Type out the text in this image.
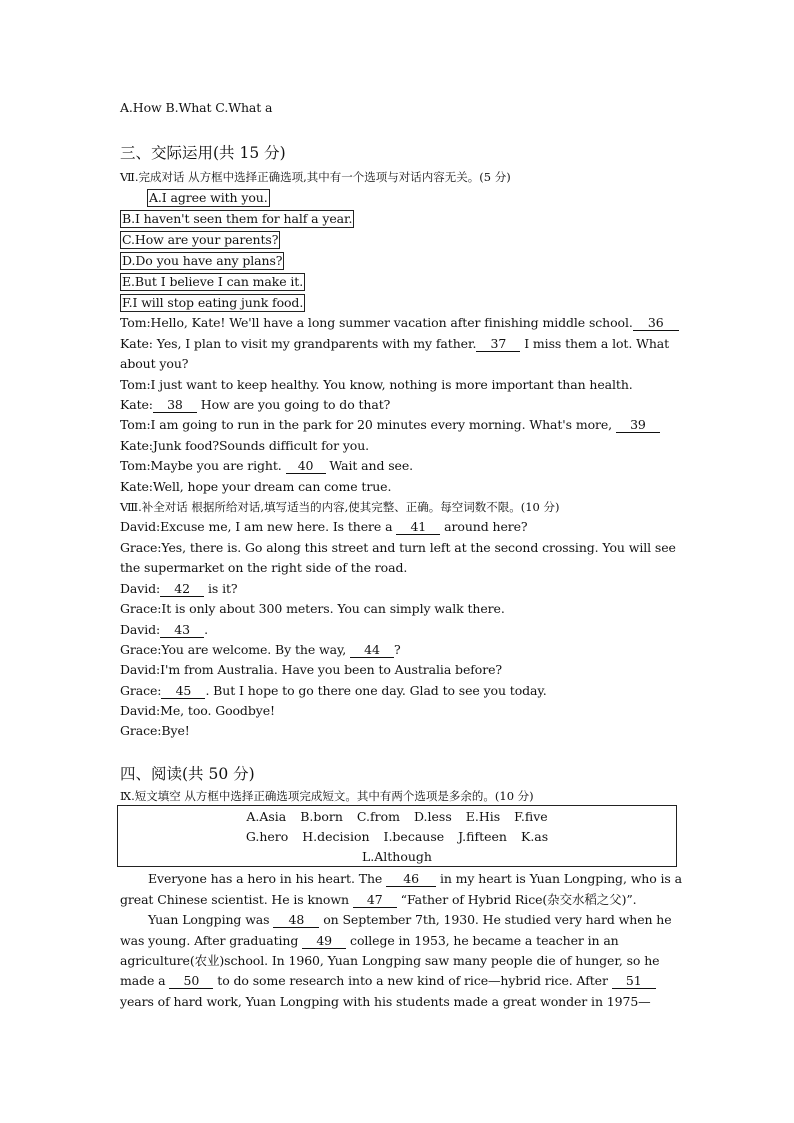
A.How B.What C.What a
三、交际运用(共 15 分)
Ⅶ.完成对话 从方框中选择正确选项,其中有一个选项与对话内容无关。(5 分)
A.I agree with you.
B.I haven't seen them for half a year.
C.How are your parents?
D.Do you have any plans?
E.But I believe I can make it.
F.I will stop eating junk food.
Tom:Hello, Kate! We'll have a long summer vacation after finishing middle school. 36
Kate: Yes, I plan to visit my grandparents with my father. 37 I miss them a lot. What
about you?
Tom:I just want to keep healthy. You know, nothing is more important than health.
Kate: 38 How are you going to do that?
Tom:I am going to run in the park for 20 minutes every morning. What's more, 39
Kate:Junk food?Sounds difficult for you.
Tom:Maybe you are right. 40 Wait and see.
Kate:Well, hope your dream can come true.
Ⅷ.补全对话 根据所给对话,填写适当的内容,使其完整、正确。每空词数不限。(10 分)
David:Excuse me, I am new here. Is there a 41 around here?
Grace:Yes, there is. Go along this street and turn left at the second crossing. You will see
the supermarket on the right side of the road.
David: 42 is it?
Grace:It is only about 300 meters. You can simply walk there.
David: 43 .
Grace:You are welcome. By the way, 44 ?
David:I'm from Australia. Have you been to Australia before?
Grace: 45 . But I hope to go there one day. Glad to see you today.
David:Me, too. Goodbye!
Grace:Bye!
四、阅读(共 50 分)
Ⅸ.短文填空 从方框中选择正确选项完成短文。其中有两个选项是多余的。(10 分)
A.Asia B.born C.from D.less E.His F.five
G.hero H.decision I.because J.fifteen K.as
L.Although
Everyone has a hero in his heart. The 46 in my heart is Yuan Longping, who is a
great Chinese scientist. He is known 47 “Father of Hybrid Rice(杂交水稻之父)”.
Yuan Longping was 48 on September 7th, 1930. He studied very hard when he
was young. After graduating 49 college in 1953, he became a teacher in an
agriculture(农业)school. In 1960, Yuan Longping saw many people die of hunger, so he
made a 50 to do some research into a new kind of rice—hybrid rice. After 51
years of hard work, Yuan Longping with his students made a great wonder in 1975—
